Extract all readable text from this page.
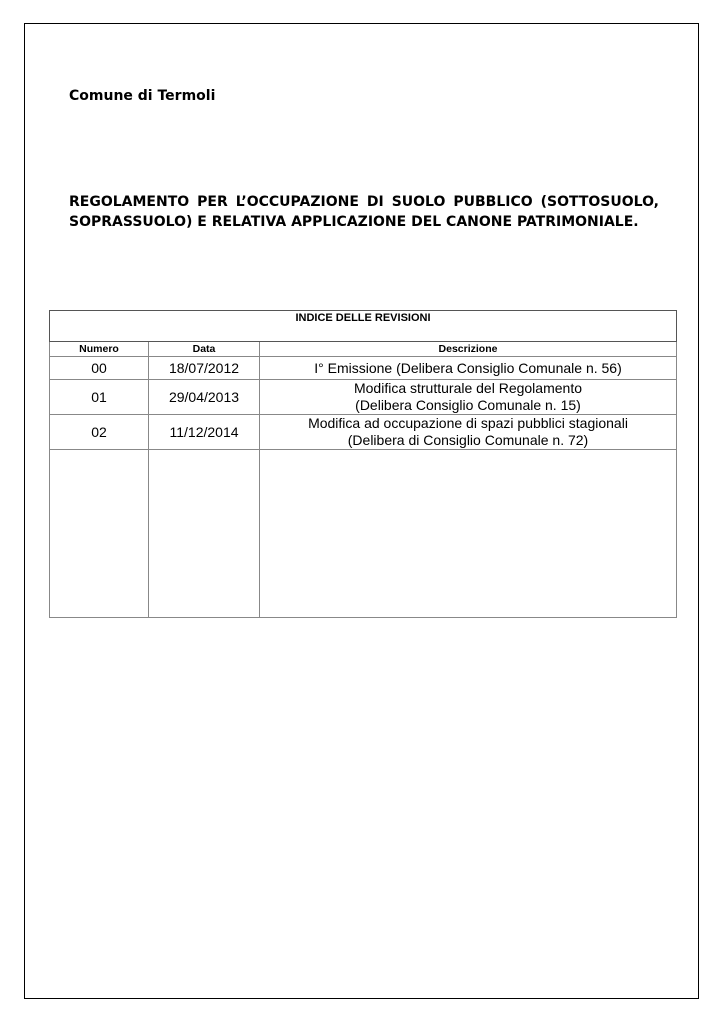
Comune di Termoli

REGOLAMENTO PER L’OCCUPAZIONE DI SUOLO PUBBLICO (SOTTOSUOLO, SOPRASSUOLO) E RELATIVA APPLICAZIONE DEL CANONE PATRIMONIALE.

INDICE DELLE REVISIONI		
Numero	Data	Descrizione
00	18/07/2012	I° Emissione (Delibera Consiglio Comunale n. 56)

01	29/04/2013	Modifica strutturale del Regolamento
(Delibera Consiglio Comunale n. 15)

02	11/12/2014	Modifica ad occupazione di spazi pubblici stagionali
(Delibera di Consiglio Comunale n. 72)
